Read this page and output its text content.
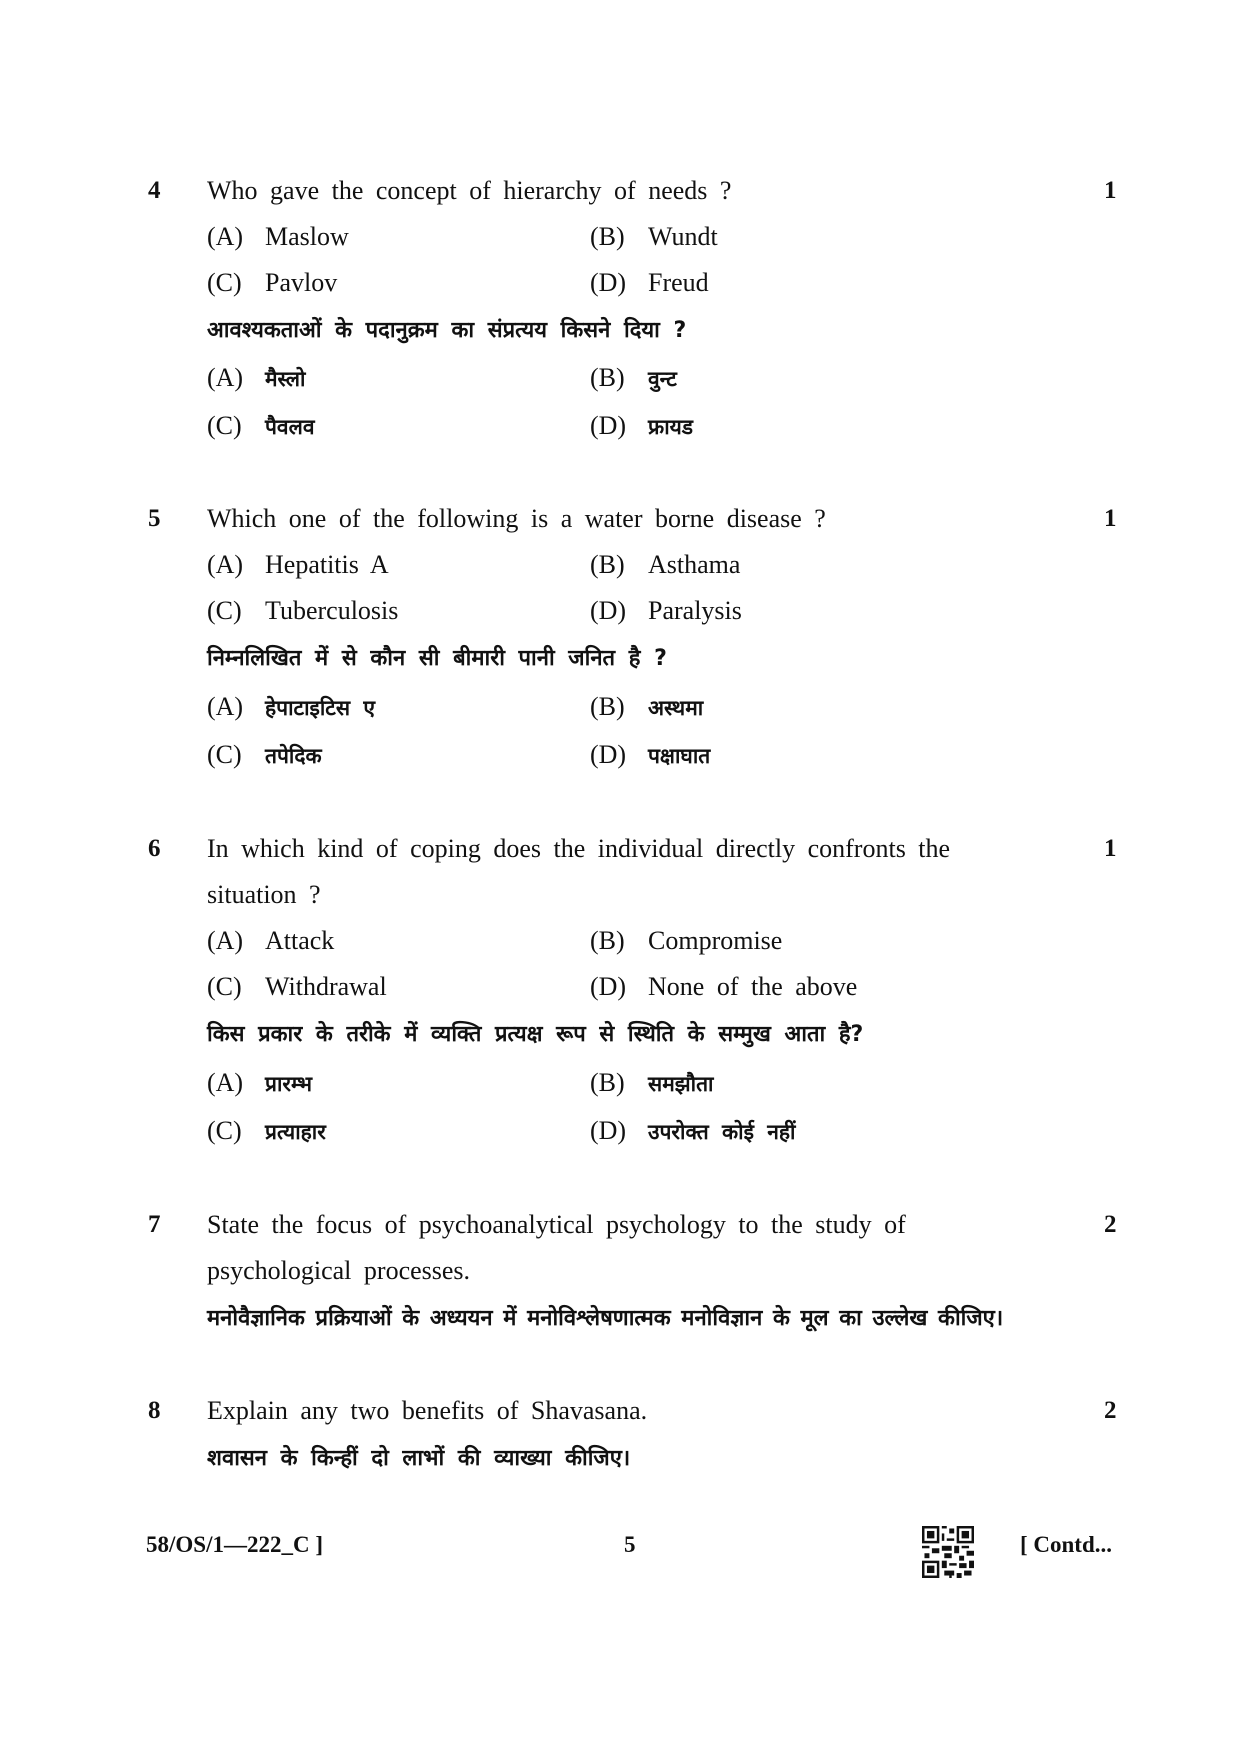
4	1
Who gave the concept of hierarchy of needs ?
(A) Maslow	(B) Wundt
(C) Pavlov	(D) Freud
आवश्यकताओं के पदानुक्रम का संप्रत्यय किसने दिया ?
(A) मैस्लो	(B) वुन्ट
(C) पैवलव	(D) फ्रायड
5	1
Which one of the following is a water borne disease ?
(A) Hepatitis A	(B) Asthama
(C) Tuberculosis	(D) Paralysis
निम्नलिखित में से कौन सी बीमारी पानी जनित है ?
(A) हेपाटाइटिस ए	(B) अस्थमा
(C) तपेदिक	(D) पक्षाघात
6	1
In which kind of coping does the individual directly confronts the
situation ?
(A) Attack	(B) Compromise
(C) Withdrawal	(D) None of the above
किस प्रकार के तरीके में व्यक्ति प्रत्यक्ष रूप से स्थिति के सम्मुख आता है?
(A) प्रारम्भ	(B) समझौता
(C) प्रत्याहार	(D) उपरोक्त कोई नहीं
7	2
State the focus of psychoanalytical psychology to the study of
psychological processes.
मनोवैज्ञानिक प्रक्रियाओं के अध्ययन में मनोविश्लेषणात्मक मनोविज्ञान के मूल का उल्लेख कीजिए।
8	2
Explain any two benefits of Shavasana.
शवासन के किन्हीं दो लाभों की व्याख्या कीजिए।
58/OS/1—222_C ]	5	[ Contd...
